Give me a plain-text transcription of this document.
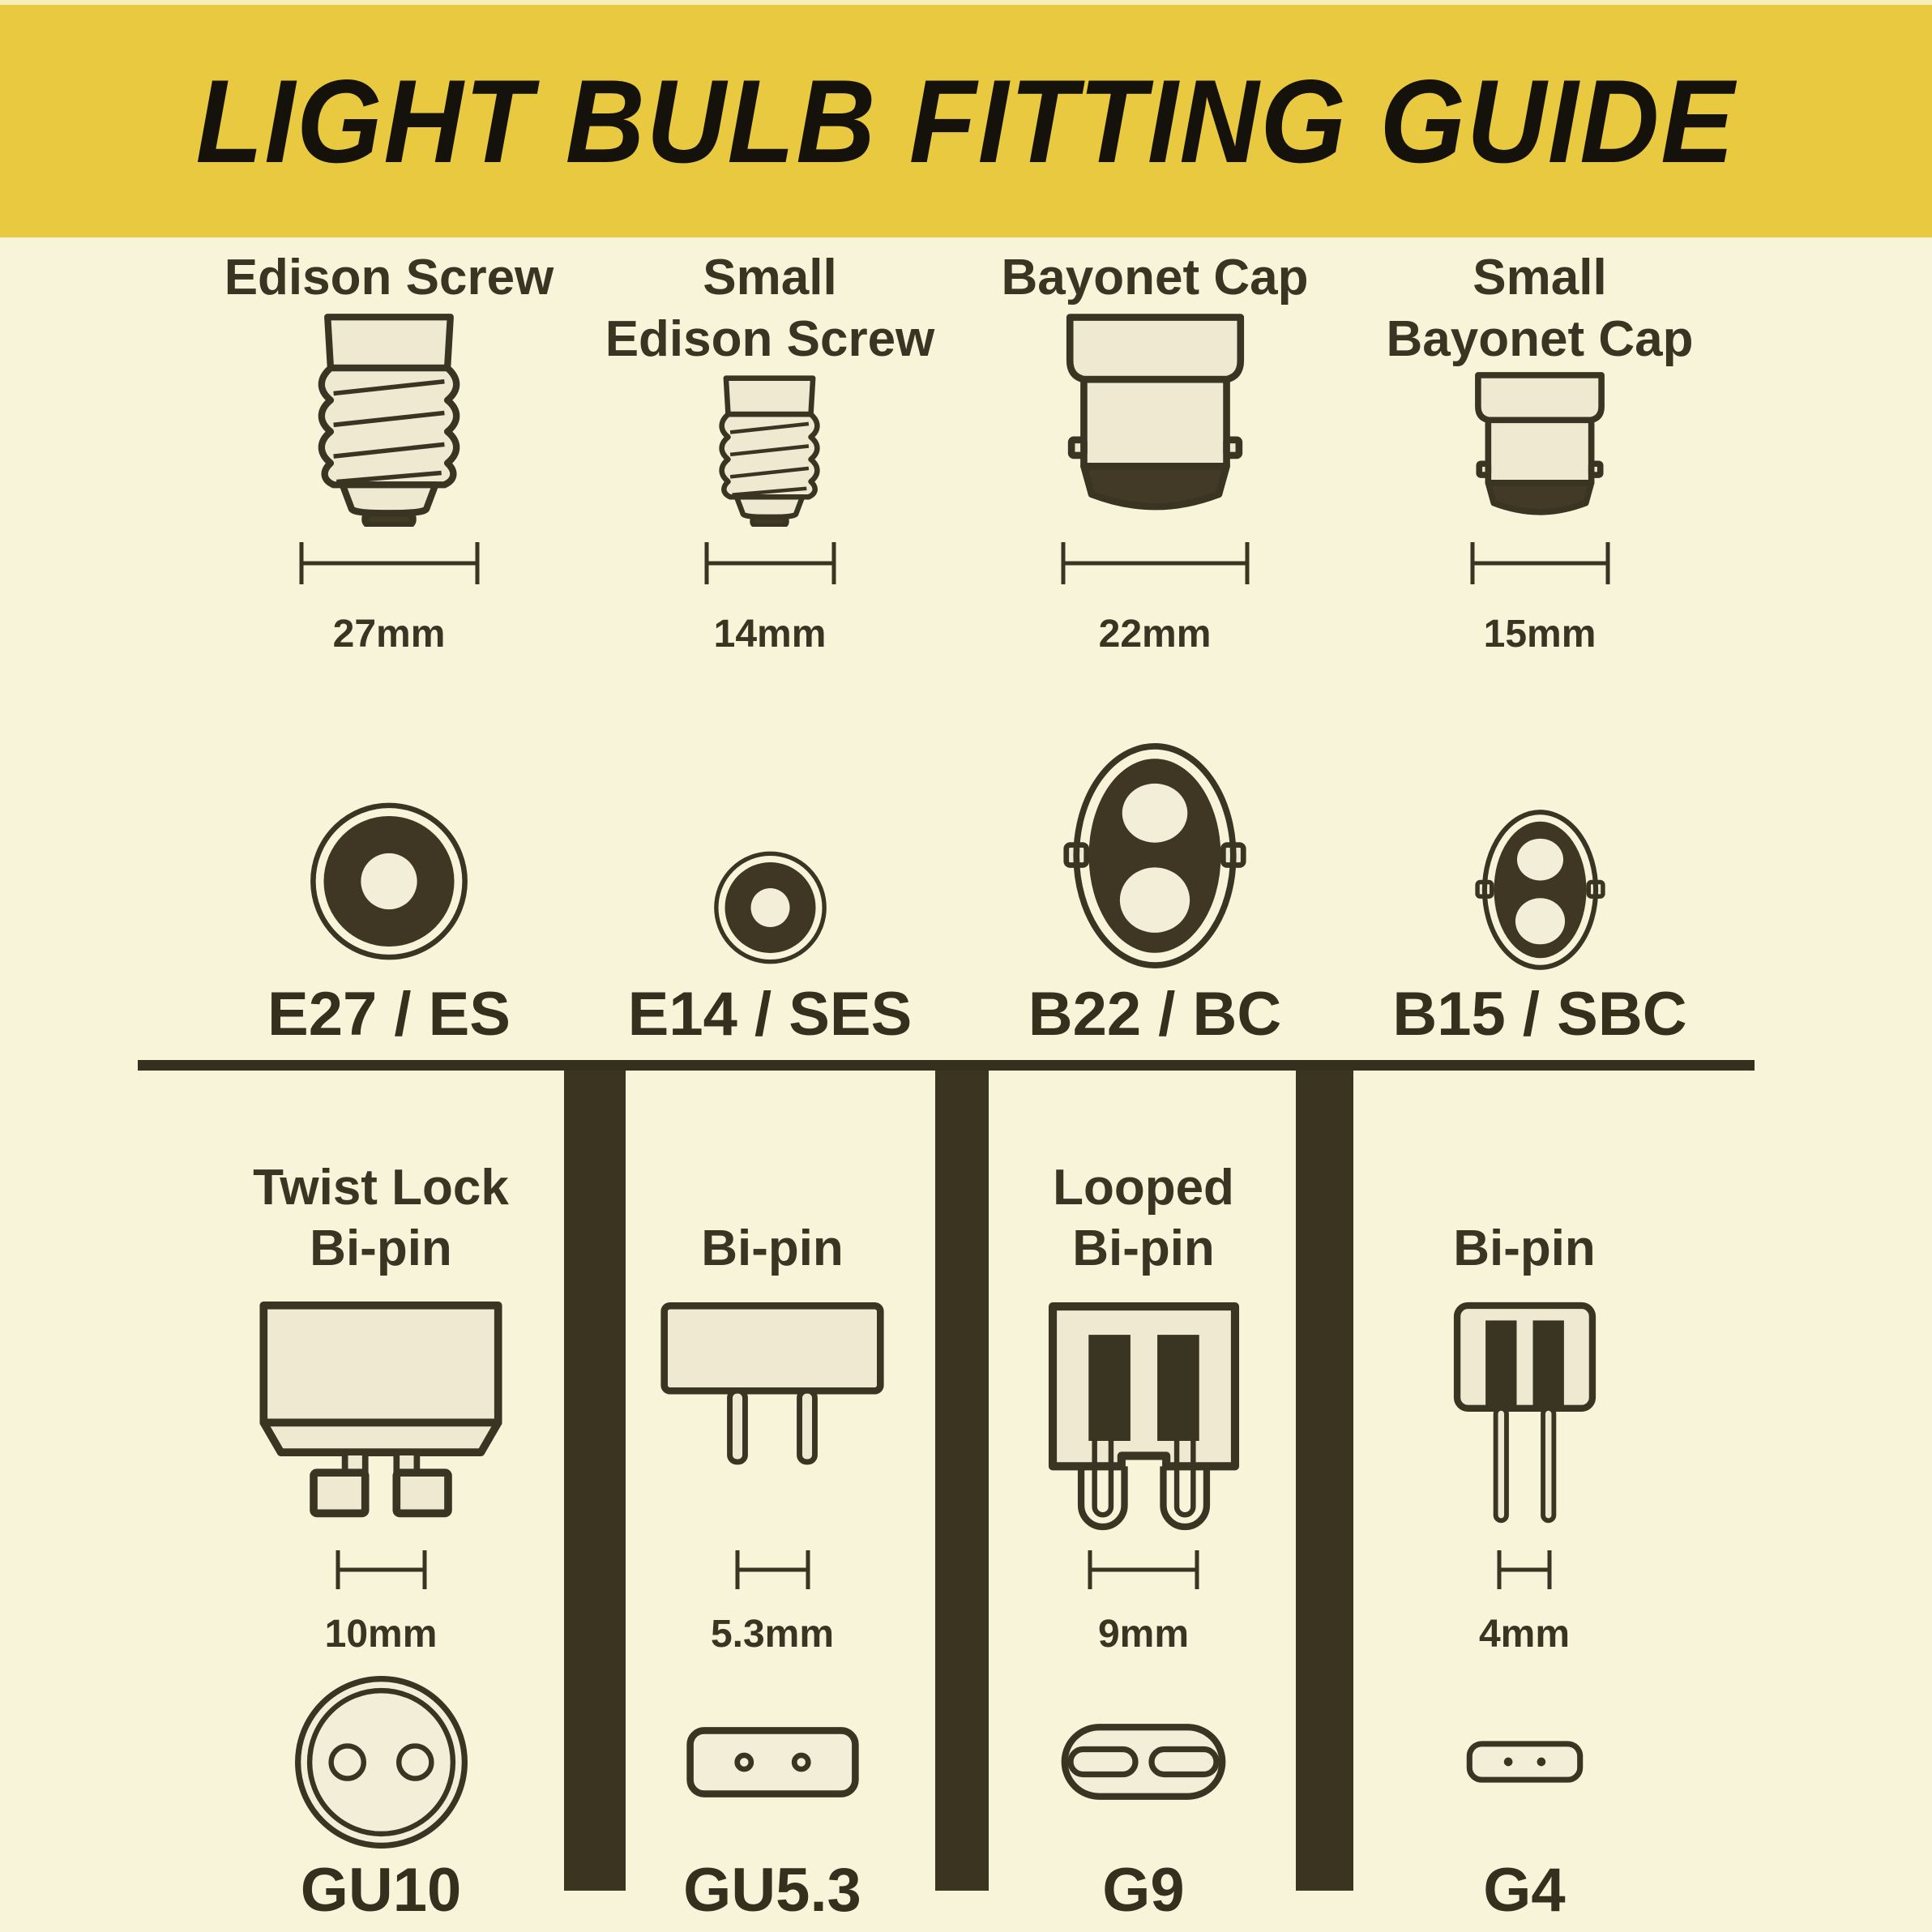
LIGHT BULB FITTING GUIDE
Edison Screw
27mm
E27 / ES
Small
Edison Screw
14mm
E14 / SES
Bayonet Cap
22mm
B22 / BC
Small
Bayonet Cap
15mm
B15 / SBC
Twist Lock
Bi-pin
10mm
GU10
Bi-pin
5.3mm
GU5.3
Looped
Bi-pin
9mm
G9
Bi-pin
4mm
G4
